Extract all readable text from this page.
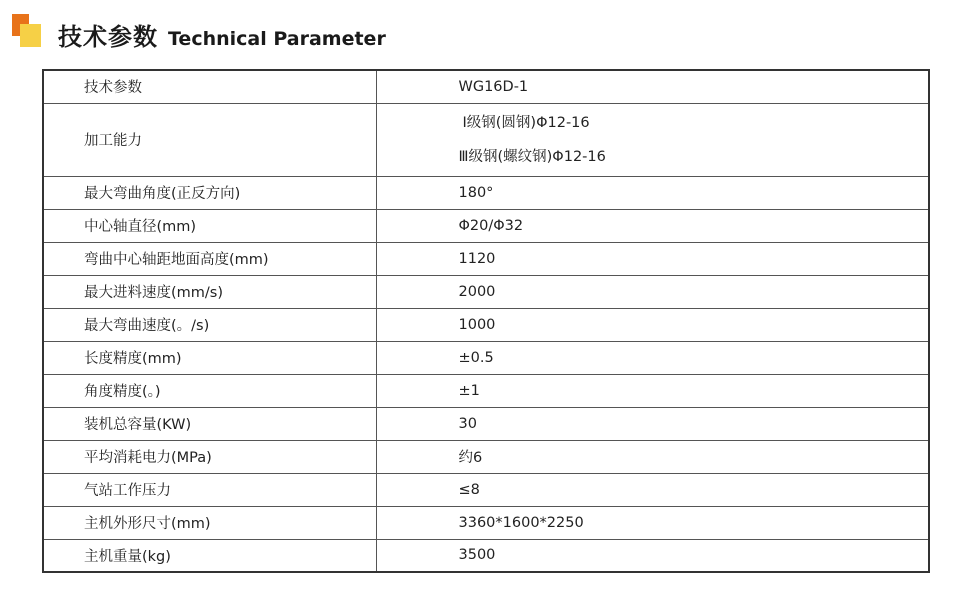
技术参数 Technical Parameter
技术参数	WG16D-1
加工能力	Ⅰ级钢(圆钢)Φ12-16
Ⅲ级钢(螺纹钢)Φ12-16

最大弯曲角度(正反方向)	180°
中心轴直径(mm)	Φ20/Φ32
弯曲中心轴距地面高度(mm)	1120
最大进料速度(mm/s)	2000
最大弯曲速度(。/s)	1000
长度精度(mm)	±0.5
角度精度(。)	±1
装机总容量(KW)	30
平均消耗电力(MPa)	约6
气站工作压力	≤8
主机外形尺寸(mm)	3360*1600*2250
主机重量(kg)	3500
